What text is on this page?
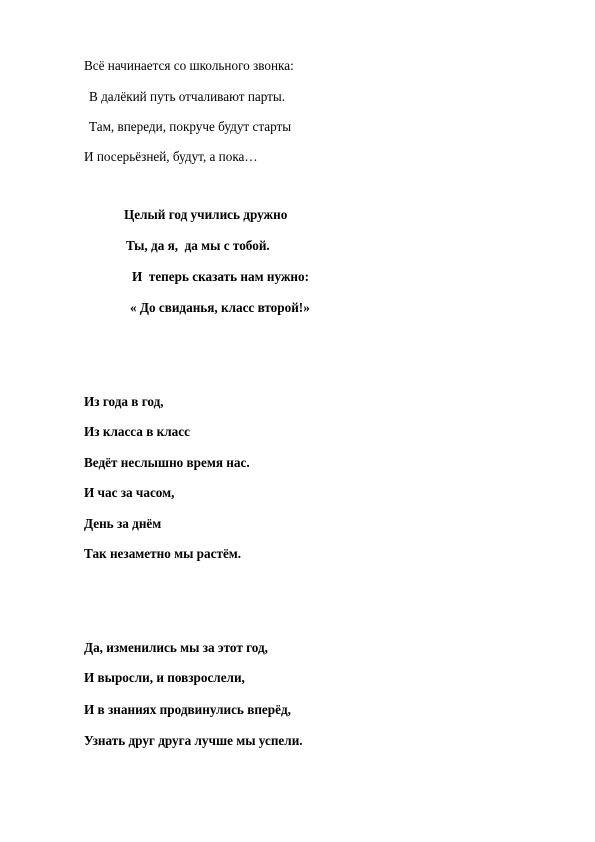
Всё начинается со школьного звонка:

В далёкий путь отчаливают парты.

Там, впереди, покруче будут старты

И посерьёзней, будут, а пока…

Целый год учились дружно

Ты, да я,  да мы с тобой.

И  теперь сказать нам нужно:

« До свиданья, класс второй!»

Из года в год,

Из класса в класс

Ведёт неслышно время нас.

И час за часом,

День за днём

Так незаметно мы растём.

Да, изменились мы за этот год,

И выросли, и повзрослели,

И в знаниях продвинулись вперёд,

Узнать друг друга лучше мы успели.
